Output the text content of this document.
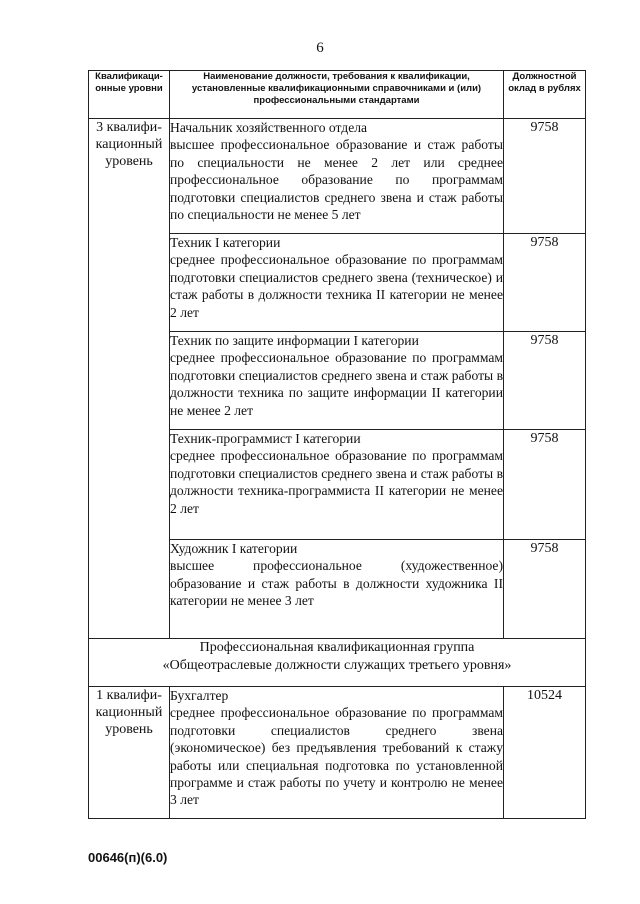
6
Квалификаци-онные уровни	Наименование должности, требования к квалификации, установленные квалификационными справочниками и (или) профессиональными стандартами	Должностной оклад в рублях
3 квалифи-кационный уровень	Начальник хозяйственного отдела
высшее профессиональное образование и стаж работы по специальности не менее 2 лет или среднее профессиональное образование по программам подготовки специалистов среднего звена и стаж работы по специальности не менее 5 лет	9758

	Техник I категории
среднее профессиональное образование по программам подготовки специалистов среднего звена (техническое) и стаж работы в должности техника II категории не менее 2 лет	9758

	Техник по защите информации I категории
среднее профессиональное образование по программам подготовки специалистов среднего звена и стаж работы в должности техника по защите информации II категории не менее 2 лет	9758

	Техник-программист I категории
среднее профессиональное образование по программам подготовки специалистов среднего звена и стаж работы в должности техника-программиста II категории не менее 2 лет	9758

	Художник I категории
высшее профессиональное (художественное) образование и стаж работы в должности художника II категории не менее 3 лет	9758

Профессиональная квалификационная группа
«Общеотраслевые должности служащих третьего уровня»		

1 квалифи-кационный уровень	Бухгалтер
среднее профессиональное образование по программам подготовки специалистов среднего звена (экономическое) без предъявления требований к стажу работы или специальная подготовка по установленной программе и стаж работы по учету и контролю не менее 3 лет	10524
00646(п)(6.0)
